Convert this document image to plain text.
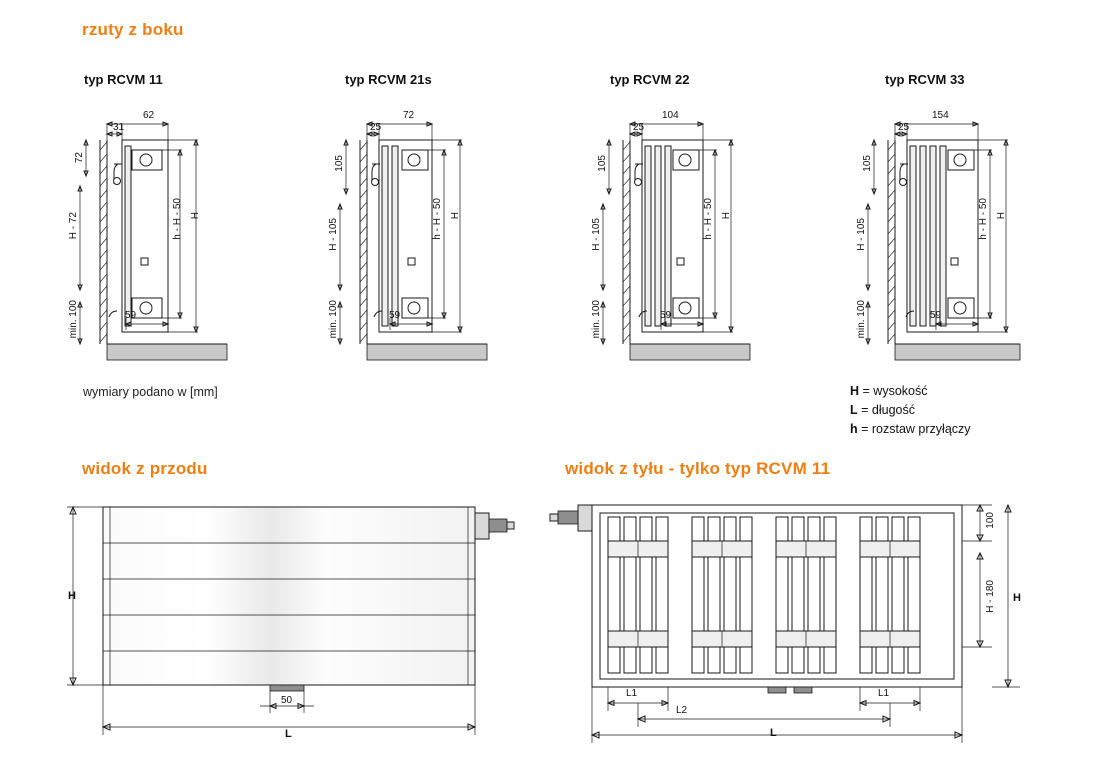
rzuty z boku
typ RCVM 11
31
62
72
H - 72
min. 100
h - H - 50 H
59
typ RCVM 21s
25
72
105
H - 105
min. 100
h - H - 50 H
59
typ RCVM 22
25
104
105
H - 105
min. 100
h - H - 50 H
59
typ RCVM 33
25
154
105
H - 105
min. 100
h - H - 50 H
59
wymiary podano w [mm]	H = wysokość
L = długość
h = rozstaw przyłączy
widok z przodu
H
50
L
widok z tyłu - tylko typ RCVM 11
100
H - 180 H
L1	L1
L2
L
